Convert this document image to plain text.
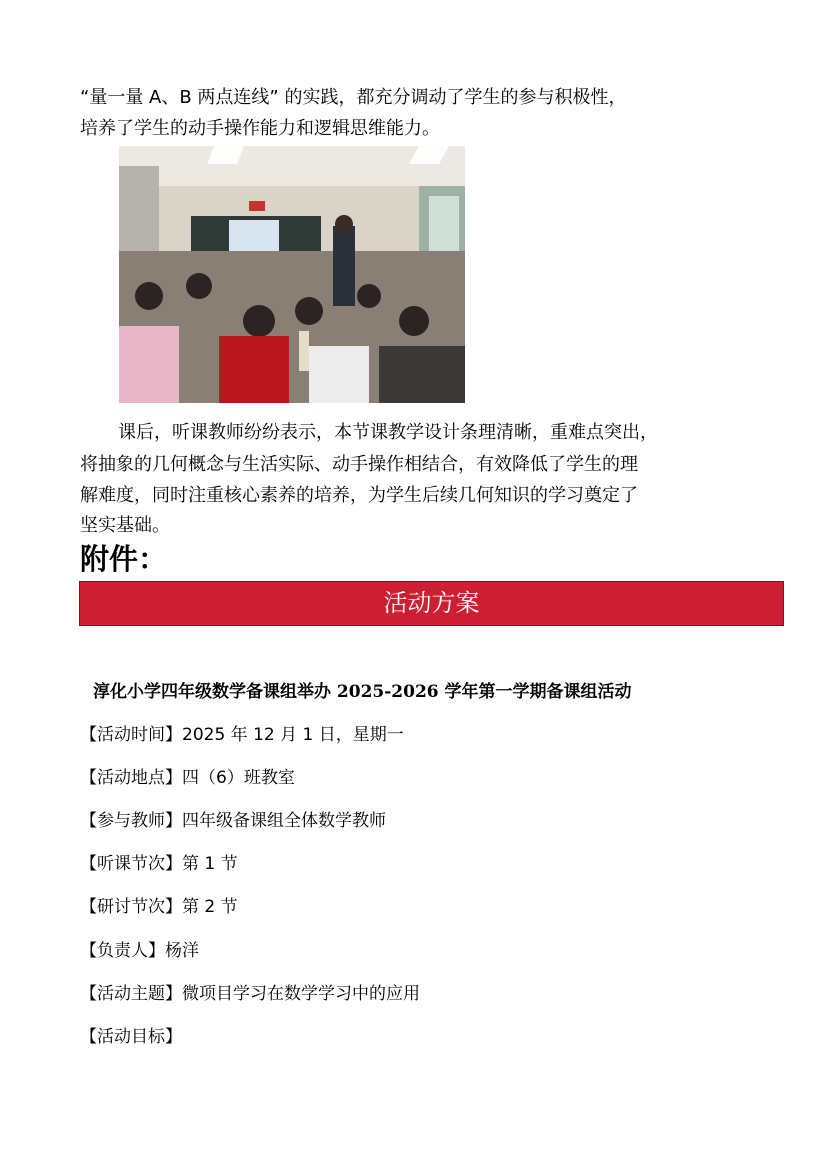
“量一量 A、B 两点连线” 的实践，都充分调动了学生的参与积极性，
培养了学生的动手操作能力和逻辑思维能力。
课后，听课教师纷纷表示，本节课教学设计条理清晰，重难点突出，
将抽象的几何概念与生活实际、动手操作相结合，有效降低了学生的理
解难度，同时注重核心素养的培养，为学生后续几何知识的学习奠定了
坚实基础。
附件：
活动方案
淳化小学四年级数学备课组举办 2025-2026 学年第一学期备课组活动
【活动时间】2025 年 12 月 1 日，星期一
【活动地点】四（6）班教室
【参与教师】四年级备课组全体数学教师
【听课节次】第 1 节
【研讨节次】第 2 节
【负责人】杨洋
【活动主题】微项目学习在数学学习中的应用
【活动目标】
